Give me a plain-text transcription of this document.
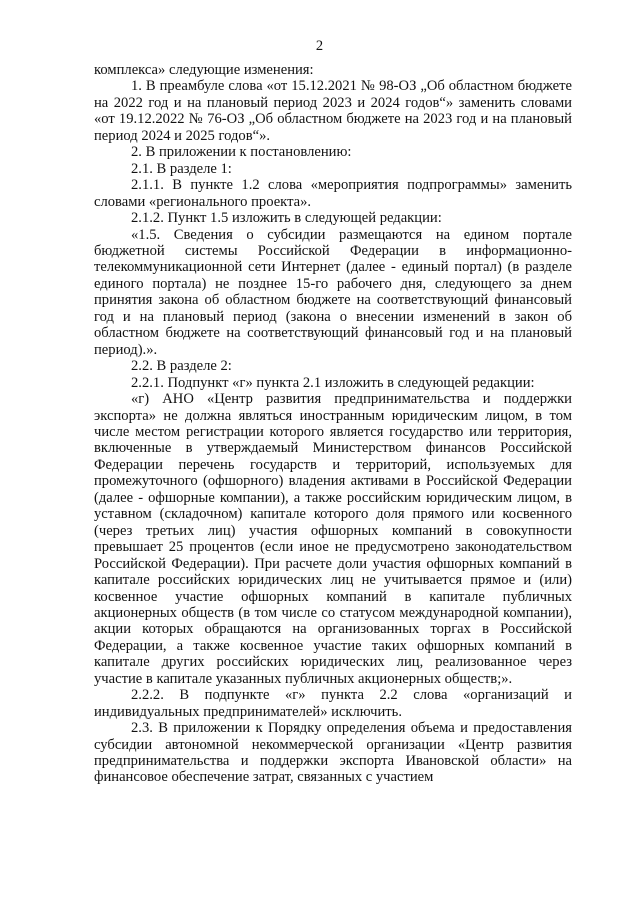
2

комплекса» следующие изменения:

1. В преамбуле слова «от 15.12.2021 № 98-ОЗ „Об областном бюджете на 2022 год и на плановый период 2023 и 2024 годов“» заменить словами «от 19.12.2022 № 76-ОЗ „Об областном бюджете на 2023 год и на плановый период 2024 и 2025 годов“».

2. В приложении к постановлению:

2.1. В разделе 1:

2.1.1. В пункте 1.2 слова «мероприятия подпрограммы» заменить словами «регионального проекта».

2.1.2. Пункт 1.5 изложить в следующей редакции:

«1.5. Сведения о субсидии размещаются на едином портале бюджетной системы Российской Федерации в информационно-телекоммуникационной сети Интернет (далее - единый портал) (в разделе единого портала) не позднее 15-го рабочего дня, следующего за днем принятия закона об областном бюджете на соответствующий финансовый год и на плановый период (закона о внесении изменений в закон об областном бюджете на соответствующий финансовый год и на плановый период).».

2.2. В разделе 2:

2.2.1. Подпункт «г» пункта 2.1 изложить в следующей редакции:

«г) АНО «Центр развития предпринимательства и поддержки экспорта» не должна являться иностранным юридическим лицом, в том числе местом регистрации которого является государство или территория, включенные в утверждаемый Министерством финансов Российской Федерации перечень государств и территорий, используемых для промежуточного (офшорного) владения активами в Российской Федерации (далее - офшорные компании), а также российским юридическим лицом, в уставном (складочном) капитале которого доля прямого или косвенного (через третьих лиц) участия офшорных компаний в совокупности превышает 25 процентов (если иное не предусмотрено законодательством Российской Федерации). При расчете доли участия офшорных компаний в капитале российских юридических лиц не учитывается прямое и (или) косвенное участие офшорных компаний в капитале публичных акционерных обществ (в том числе со статусом международной компании), акции которых обращаются на организованных торгах в Российской Федерации, а также косвенное участие таких офшорных компаний в капитале других российских юридических лиц, реализованное через участие в капитале указанных публичных акционерных обществ;».

2.2.2. В подпункте «г» пункта 2.2 слова «организаций и индивидуальных предпринимателей» исключить.

2.3. В приложении к Порядку определения объема и предоставления субсидии автономной некоммерческой организации «Центр развития предпринимательства и поддержки экспорта Ивановской области» на финансовое обеспечение затрат, связанных с участием
